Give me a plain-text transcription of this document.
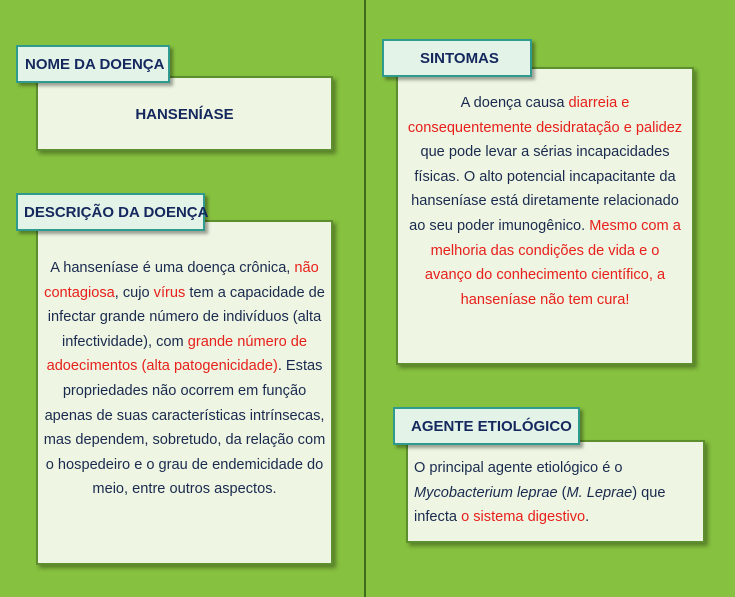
HANSENÍASE
NOME DA DOENÇA
A hanseníase é uma doença crônica, não contagiosa, cujo vírus tem a capacidade de infectar grande número de indivíduos (alta infectividade), com grande número de adoecimentos (alta patogenicidade). Estas propriedades não ocorrem em função apenas de suas características intrínsecas, mas dependem, sobretudo, da relação com o hospedeiro e o grau de endemicidade do meio, entre outros aspectos.
DESCRIÇÃO DA DOENÇA
A doença causa diarreia e consequentemente desidratação e palidez que pode levar a sérias incapacidades físicas. O alto potencial incapacitante da hanseníase está diretamente relacionado ao seu poder imunogênico. Mesmo com a melhoria das condições de vida e o avanço do conhecimento científico, a hanseníase não tem cura!
SINTOMAS
O principal agente etiológico é o Mycobacterium leprae (M. Leprae) que infecta o sistema digestivo.
AGENTE ETIOLÓGICO
